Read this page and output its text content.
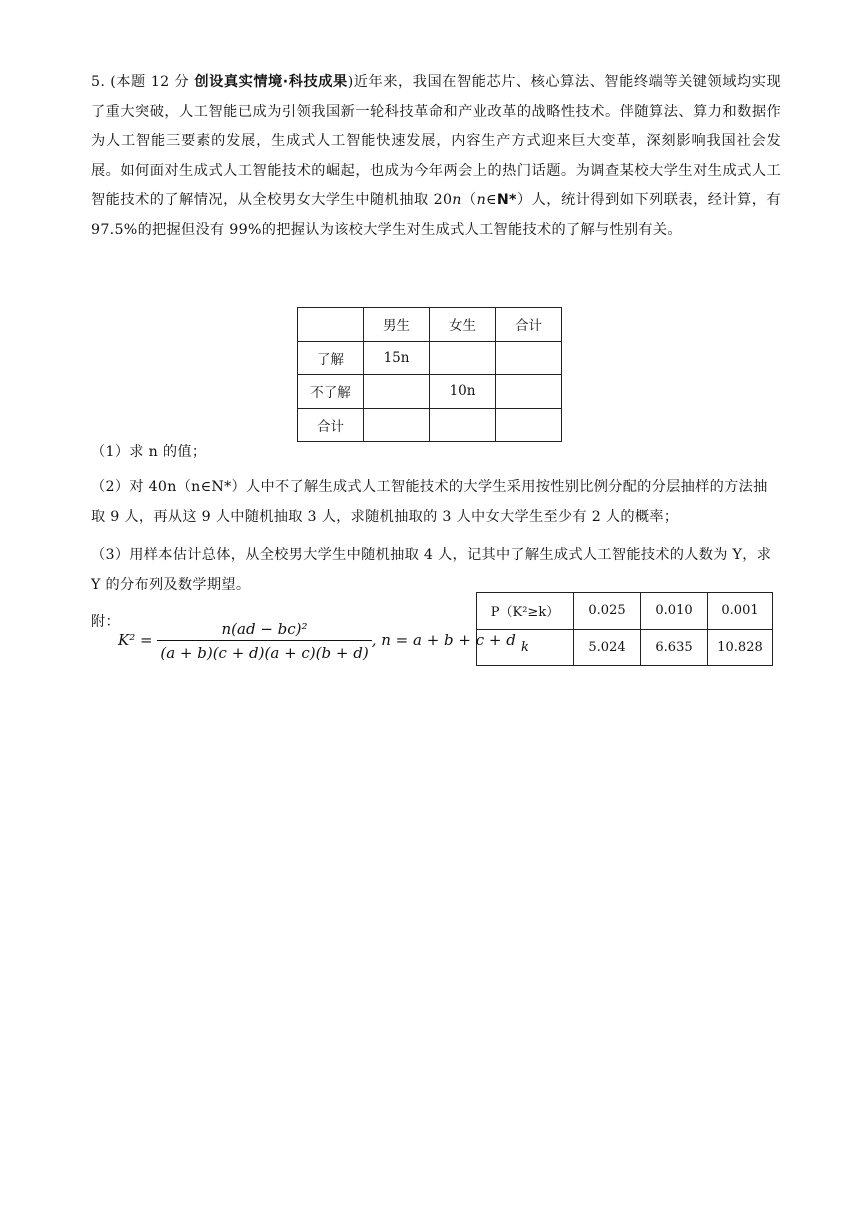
5. (本题 12 分 创设真实情境·科技成果)近年来，我国在智能芯片、核心算法、智能终端等关键领域均实现了重大突破，人工智能已成为引领我国新一轮科技革命和产业改革的战略性技术。伴随算法、算力和数据作为人工智能三要素的发展，生成式人工智能快速发展，内容生产方式迎来巨大变革，深刻影响我国社会发展。如何面对生成式人工智能技术的崛起，也成为今年两会上的热门话题。为调查某校大学生对生成式人工智能技术的了解情况，从全校男女大学生中随机抽取 20n（n∈N*）人，统计得到如下列联表，经计算，有 97.5%的把握但没有 99%的把握认为该校大学生对生成式人工智能技术的了解与性别有关。
	男生	女生	合计
了解	15n		
不了解		10n	
合计			
（1）求 n 的值；
（2）对 40n（n∈N*）人中不了解生成式人工智能技术的大学生采用按性别比例分配的分层抽样的方法抽取 9 人，再从这 9 人中随机抽取 3 人，求随机抽取的 3 人中女大学生至少有 2 人的概率；
（3）用样本估计总体，从全校男大学生中随机抽取 4 人，记其中了解生成式人工智能技术的人数为 Y，求 Y 的分布列及数学期望。
附：
$K^2 = \frac{\text{n(ad − bc)²}}{(a + b)(c + d)(a + c)(b + d)}$ , n = a + b + c + d
P（K²≥k）	0.025	0.010	0.001
k	5.024	6.635	10.828
